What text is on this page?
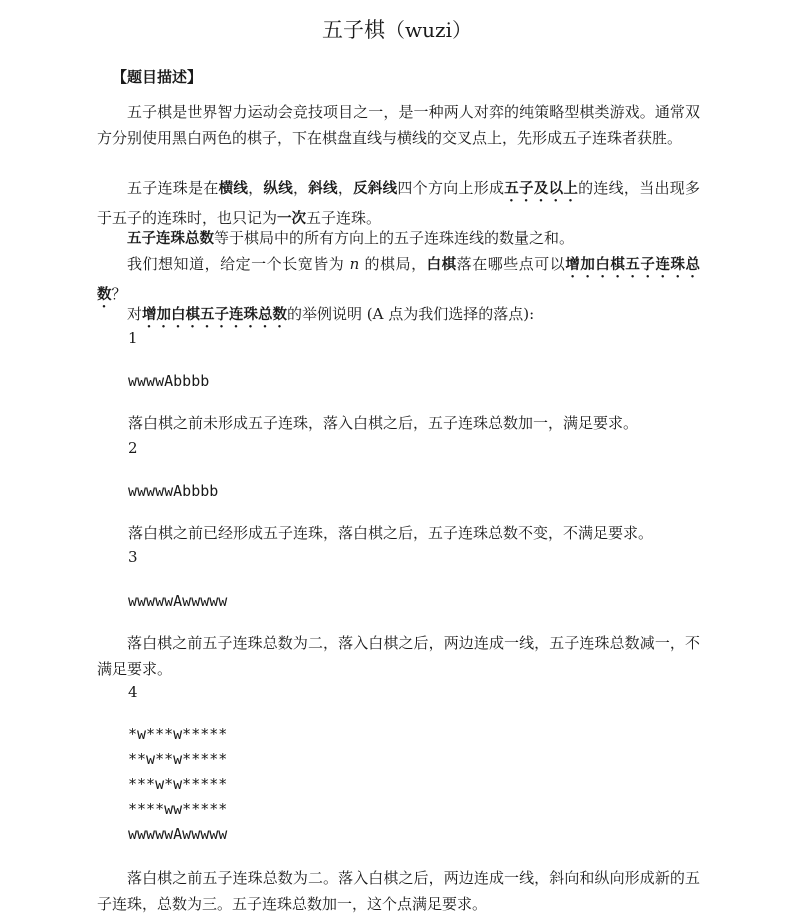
五子棋（wuzi）
【题目描述】
五子棋是世界智力运动会竞技项目之一，是一种两人对弈的纯策略型棋类游戏。通常双方分别使用黑白两色的棋子，下在棋盘直线与横线的交叉点上，先形成五子连珠者获胜。
五子连珠是在横线，纵线，斜线，反斜线四个方向上形成五子及以上的连线，当出现多于五子的连珠时，也只记为一次五子连珠。
五子连珠总数等于棋局中的所有方向上的五子连珠连线的数量之和。
我们想知道，给定一个长宽皆为 n 的棋局，白棋落在哪些点可以增加白棋五子连珠总数？
对增加白棋五子连珠总数的举例说明 (A 点为我们选择的落点):
1
wwwwAbbbb
落白棋之前未形成五子连珠，落入白棋之后，五子连珠总数加一，满足要求。
2
wwwwwAbbbb
落白棋之前已经形成五子连珠，落白棋之后，五子连珠总数不变，不满足要求。
3
wwwwwAwwwww
落白棋之前五子连珠总数为二，落入白棋之后，两边连成一线，五子连珠总数减一，不满足要求。
4
*w***w*****
**w**w*****
***w*w*****
****ww*****
wwwwwAwwwww
落白棋之前五子连珠总数为二。落入白棋之后，两边连成一线，斜向和纵向形成新的五子连珠，总数为三。五子连珠总数加一，这个点满足要求。
